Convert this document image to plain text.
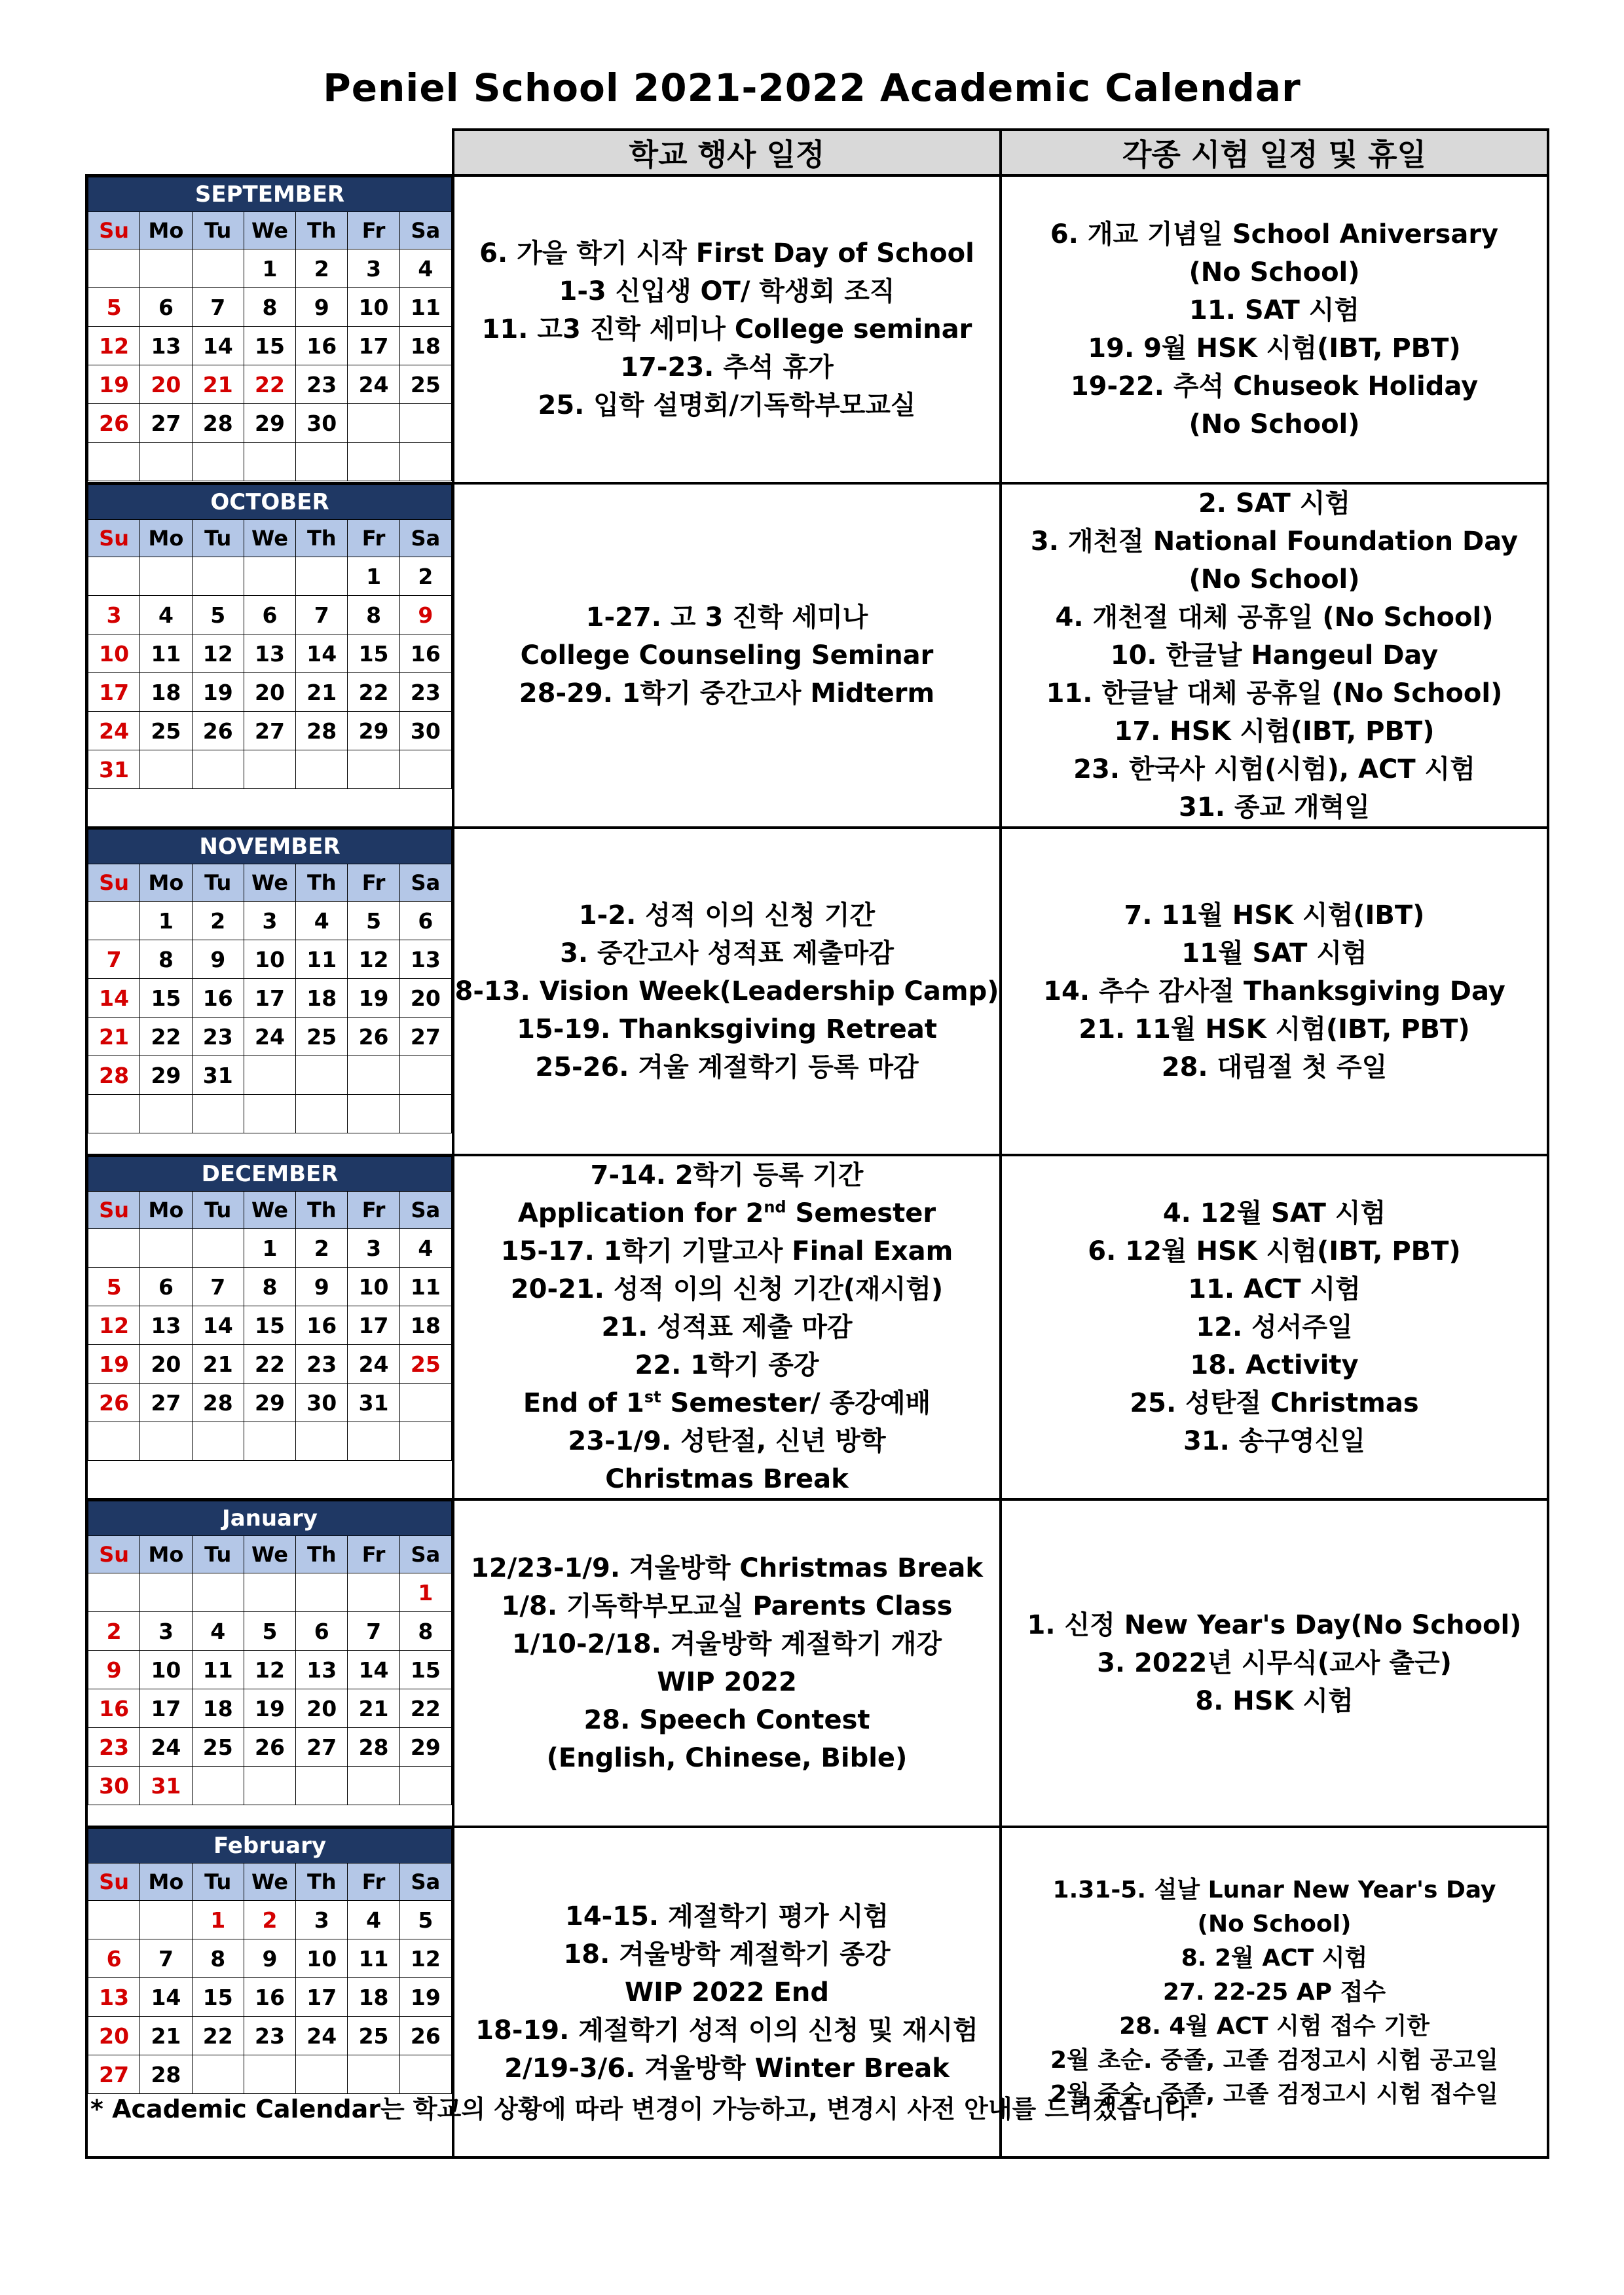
Peniel School 2021-2022 Academic Calendar
	학교 행사 일정	각종 시험 일정 및 휴일

SEPTEMBER
Su	Mo	Tu	We	Th	Fr	Sa
			1	2	3	4
5	6	7	8	9	10	11
12	13	14	15	16	17	18
19	20	21	22	23	24	25
26	27	28	29	30		

6. 가을 학기 시작 First Day of School
1-3 신입생 OT/ 학생회 조직
11. 고3 진학 세미나 College seminar
17-23. 추석 휴가
25. 입학 설명회/기독학부모교실

6. 개교 기념일 School Aniversary
(No School)
11. SAT 시험
19. 9월 HSK 시험(IBT, PBT)
19-22. 추석 Chuseok Holiday
(No School)

OCTOBER
Su	Mo	Tu	We	Th	Fr	Sa
					1	2
3	4	5	6	7	8	9
10	11	12	13	14	15	16
17	18	19	20	21	22	23
24	25	26	27	28	29	30
31						

1-27. 고 3 진학 세미나
College Counseling Seminar
28-29. 1학기 중간고사 Midterm

2. SAT 시험
3. 개천절 National Foundation Day
(No School)
4. 개천절 대체 공휴일 (No School)
10. 한글날 Hangeul Day
11. 한글날 대체 공휴일 (No School)
17. HSK 시험(IBT, PBT)
23. 한국사 시험(시험), ACT 시험
31. 종교 개혁일

NOVEMBER
Su	Mo	Tu	We	Th	Fr	Sa
	1	2	3	4	5	6
7	8	9	10	11	12	13
14	15	16	17	18	19	20
21	22	23	24	25	26	27
28	29	31				

1-2. 성적 이의 신청 기간
3. 중간고사 성적표 제출마감
8-13. Vision Week(Leadership Camp)
15-19. Thanksgiving Retreat
25-26. 겨울 계절학기 등록 마감

7. 11월 HSK 시험(IBT)
11월 SAT 시험
14. 추수 감사절 Thanksgiving Day
21. 11월 HSK 시험(IBT, PBT)
28. 대림절 첫 주일

DECEMBER
Su	Mo	Tu	We	Th	Fr	Sa
			1	2	3	4
5	6	7	8	9	10	11
12	13	14	15	16	17	18
19	20	21	22	23	24	25
26	27	28	29	30	31	

7-14. 2학기 등록 기간
Application for 2nd Semester
15-17. 1학기 기말고사 Final Exam
20-21. 성적 이의 신청 기간(재시험)
21. 성적표 제출 마감
22. 1학기 종강
End of 1st Semester/ 종강예배
23-1/9. 성탄절, 신년 방학
Christmas Break

4. 12월 SAT 시험
6. 12월 HSK 시험(IBT, PBT)
11. ACT 시험
12. 성서주일
18. Activity
25. 성탄절 Christmas
31. 송구영신일

January
Su	Mo	Tu	We	Th	Fr	Sa
						1
2	3	4	5	6	7	8
9	10	11	12	13	14	15
16	17	18	19	20	21	22
23	24	25	26	27	28	29
30	31					

12/23-1/9. 겨울방학 Christmas Break
1/8. 기독학부모교실 Parents Class
1/10-2/18. 겨울방학 계절학기 개강
WIP 2022
28. Speech Contest
(English, Chinese, Bible)

1. 신정 New Year's Day(No School)
3. 2022년 시무식(교사 출근)
8. HSK 시험

February
Su	Mo	Tu	We	Th	Fr	Sa
		1	2	3	4	5
6	7	8	9	10	11	12
13	14	15	16	17	18	19
20	21	22	23	24	25	26
27	28					

14-15. 계절학기 평가 시험
18. 겨울방학 계절학기 종강
WIP 2022 End
18-19. 계절학기 성적 이의 신청 및 재시험
2/19-3/6. 겨울방학 Winter Break

1.31-5. 설날 Lunar New Year's Day
(No School)
8. 2월 ACT 시험
27. 22-25 AP 접수
28. 4월 ACT 시험 접수 기한
2월 초순. 중졸, 고졸 검정고시 시험 공고일
2월 중순. 중졸, 고졸 검정고시 시험 접수일
* Academic Calendar는 학교의 상황에 따라 변경이 가능하고, 변경시 사전 안내를 드리겠습니다.
